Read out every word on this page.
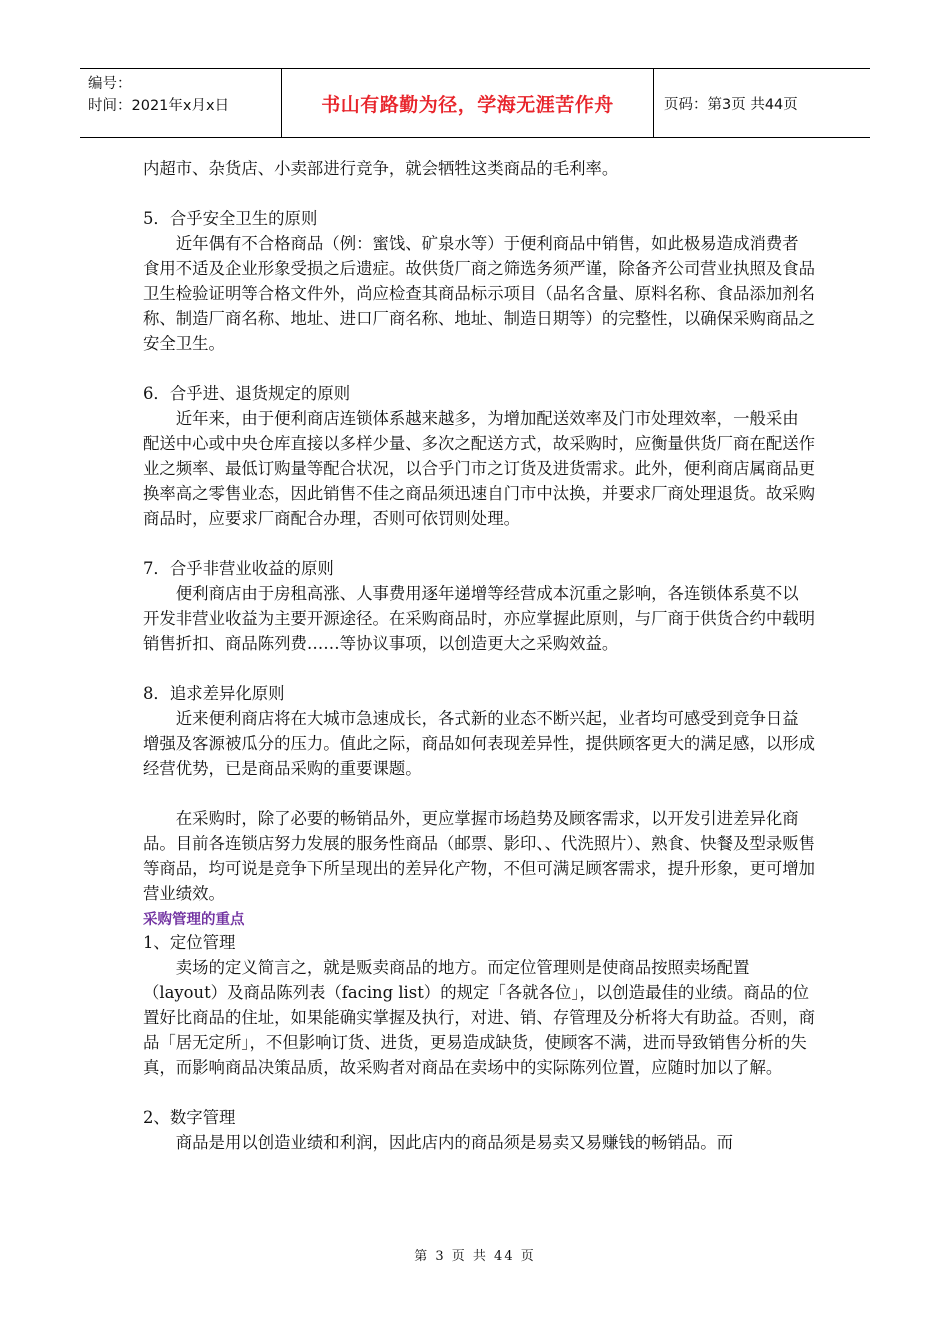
编号：
时间：2021年x月x日	书山有路勤为径，学海无涯苦作舟	页码：第3页 共44页

内超市、杂货店、小卖部进行竞争，就会牺牲这类商品的毛利率。

5．合乎安全卫生的原则

近年偶有不合格商品（例：蜜饯、矿泉水等）于便利商品中销售，如此极易造成消费者食用不适及企业形象受损之后遗症。故供货厂商之筛选务须严谨，除备齐公司营业执照及食品卫生检验证明等合格文件外，尚应检查其商品标示项目（品名含量、原料名称、食品添加剂名称、制造厂商名称、地址、进口厂商名称、地址、制造日期等）的完整性，以确保采购商品之安全卫生。

6．合乎进、退货规定的原则

近年来，由于便利商店连锁体系越来越多，为增加配送效率及门市处理效率，一般采由配送中心或中央仓库直接以多样少量、多次之配送方式，故采购时，应衡量供货厂商在配送作业之频率、最低订购量等配合状况，以合乎门市之订货及进货需求。此外，便利商店属商品更换率高之零售业态，因此销售不佳之商品须迅速自门市中汰换，并要求厂商处理退货。故采购商品时，应要求厂商配合办理，否则可依罚则处理。

7．合乎非营业收益的原则

便利商店由于房租高涨、人事费用逐年递增等经营成本沉重之影响，各连锁体系莫不以开发非营业收益为主要开源途径。在采购商品时，亦应掌握此原则，与厂商于供货合约中载明销售折扣、商品陈列费……等协议事项，以创造更大之采购效益。

8．追求差异化原则

近来便利商店将在大城市急速成长，各式新的业态不断兴起，业者均可感受到竞争日益增强及客源被瓜分的压力。值此之际，商品如何表现差异性，提供顾客更大的满足感，以形成经营优势，已是商品采购的重要课题。

在采购时，除了必要的畅销品外，更应掌握市场趋势及顾客需求，以开发引进差异化商品。目前各连锁店努力发展的服务性商品（邮票、影印、、代洗照片）、熟食、快餐及型录贩售等商品，均可说是竞争下所呈现出的差异化产物，不但可满足顾客需求，提升形象，更可增加营业绩效。

采购管理的重点

1、定位管理

卖场的定义简言之，就是贩卖商品的地方。而定位管理则是使商品按照卖场配置（layout）及商品陈列表（facing list）的规定「各就各位」，以创造最佳的业绩。商品的位置好比商品的住址，如果能确实掌握及执行，对进、销、存管理及分析将大有助益。否则，商品「居无定所」，不但影响订货、进货，更易造成缺货，使顾客不满，进而导致销售分析的失真，而影响商品决策品质，故采购者对商品在卖场中的实际陈列位置，应随时加以了解。

2、数字管理

商品是用以创造业绩和利润，因此店内的商品须是易卖又易赚钱的畅销品。而

第 3 页 共 44 页
